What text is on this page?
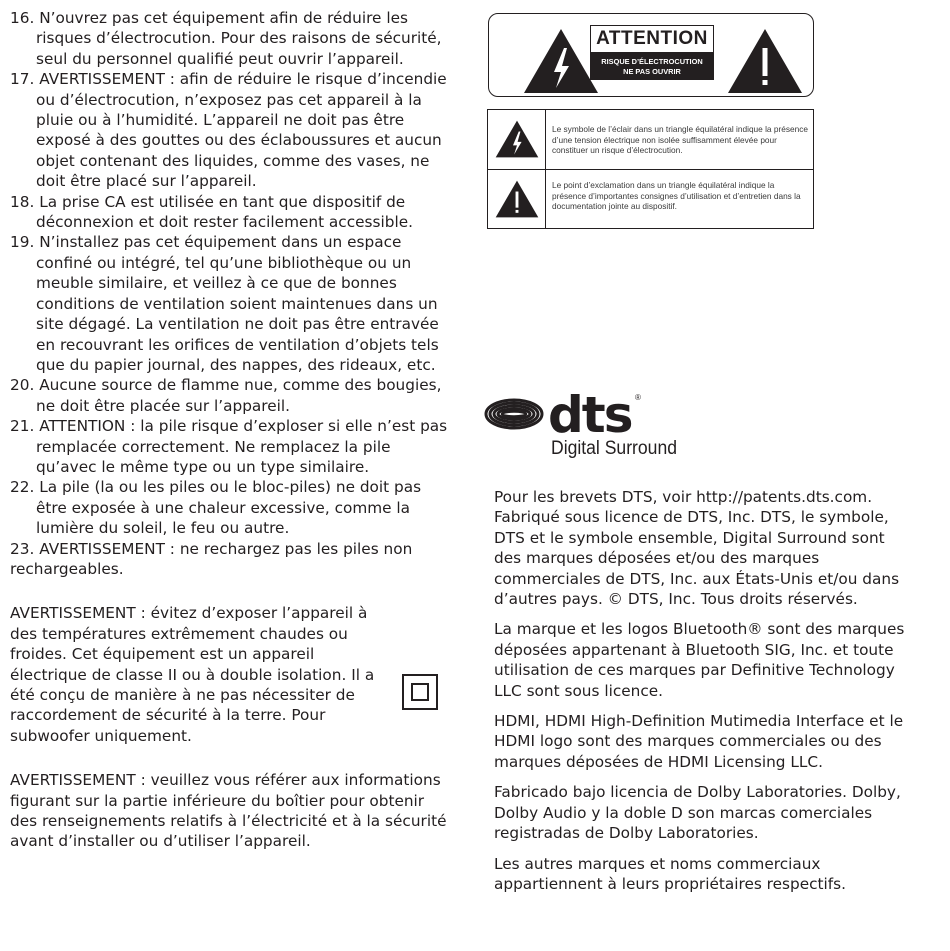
16. N’ouvrez pas cet équipement afin de réduire les risques d’électrocution. Pour des raisons de sécurité, seul du personnel qualifié peut ouvrir l’appareil.
17. AVERTISSEMENT : afin de réduire le risque d’incendie ou d’électrocution, n’exposez pas cet appareil à la pluie ou à l’humidité. L’appareil ne doit pas être exposé à des gouttes ou des éclaboussures et aucun objet contenant des liquides, comme des vases, ne doit être placé sur l’appareil.
18. La prise CA est utilisée en tant que dispositif de déconnexion et doit rester facilement accessible.
19. N’installez pas cet équipement dans un espace confiné ou intégré, tel qu’une bibliothèque ou un meuble similaire, et veillez à ce que de bonnes conditions de ventilation soient maintenues dans un site dégagé. La ventilation ne doit pas être entravée en recouvrant les orifices de ventilation d’objets tels que du papier journal, des nappes, des rideaux, etc.
20. Aucune source de flamme nue, comme des bougies, ne doit être placée sur l’appareil.
21. ATTENTION : la pile risque d’exploser si elle n’est pas remplacée correctement. Ne remplacez la pile qu’avec le même type ou un type similaire.
22. La pile (la ou les piles ou le bloc-piles) ne doit pas être exposée à une chaleur excessive, comme la lumière du soleil, le feu ou autre.
23. AVERTISSEMENT : ne rechargez pas les piles non rechargeables.
AVERTISSEMENT : évitez d’exposer l’appareil à des températures extrêmement chaudes ou froides. Cet équipement est un appareil électrique de classe II ou à double isolation. Il a été conçu de manière à ne pas nécessiter de raccordement de sécurité à la terre. Pour subwoofer uniquement.
AVERTISSEMENT : veuillez vous référer aux informations figurant sur la partie inférieure du boîtier pour obtenir des renseignements relatifs à l’électricité et à la sécurité avant d’installer ou d’utiliser l’appareil.
ATTENTION
RISQUE D’ÉLECTROCUTION
NE PAS OUVRIR
Le symbole de l’éclair dans un triangle équilatéral indique la présence d’une tension électrique non isolée suffisamment élevée pour constituer un risque d’électrocution.
Le point d’exclamation dans un triangle équilatéral indique la présence d’importantes consignes d’utilisation et d’entretien dans la documentation jointe au dispositif.
dts ®
Digital Surround
Pour les brevets DTS, voir http://patents.dts.com. Fabriqué sous licence de DTS, Inc. DTS, le symbole, DTS et le symbole ensemble, Digital Surround sont des marques déposées et/ou des marques commerciales de DTS, Inc. aux États-Unis et/ou dans d’autres pays. © DTS, Inc. Tous droits réservés.
La marque et les logos Bluetooth® sont des marques déposées appartenant à Bluetooth SIG, Inc. et toute utilisation de ces marques par Definitive Technology LLC sont sous licence.
HDMI, HDMI High-Definition Mutimedia Interface et le HDMI logo sont des marques commerciales ou des marques déposées de HDMI Licensing LLC.
Fabricado bajo licencia de Dolby Laboratories. Dolby, Dolby Audio y la doble D son marcas comerciales registradas de Dolby Laboratories.
Les autres marques et noms commerciaux appartiennent à leurs propriétaires respectifs.
